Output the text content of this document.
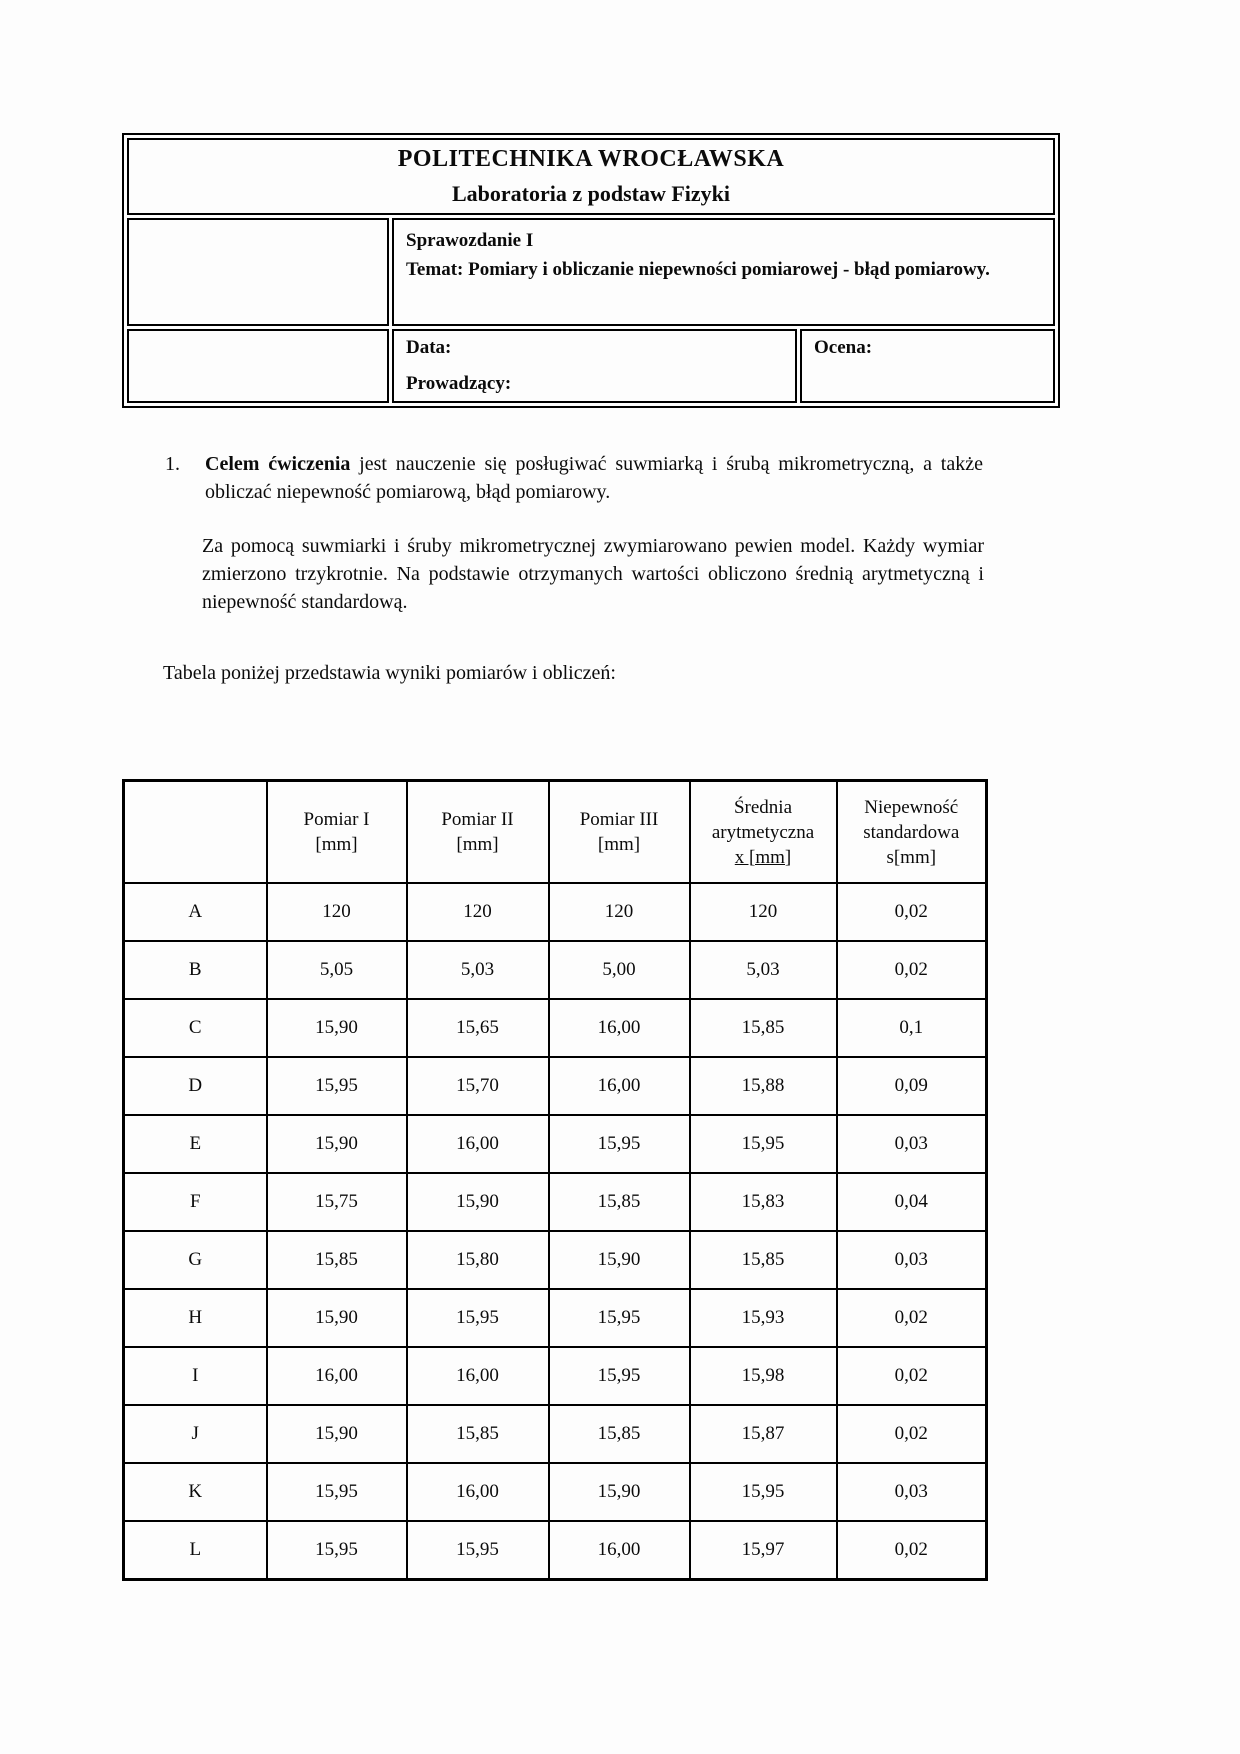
POLITECHNIKA WROCŁAWSKA
Laboratoria z podstaw Fizyki		

	Sprawozdanie I
Temat: Pomiary i obliczanie niepewności pomiarowej - błąd pomiarowy.	

	Data:
Prowadzący:	Ocena:
1.	Celem ćwiczenia jest nauczenie się posługiwać suwmiarką i śrubą mikrometryczną, a także obliczać niepewność pomiarową, błąd pomiarowy.

Za pomocą suwmiarki i śruby mikrometrycznej zwymiarowano pewien model. Każdy wymiar zmierzono trzykrotnie. Na podstawie otrzymanych wartości obliczono średnią arytmetyczną i niepewność standardową.

Tabela poniżej przedstawia wyniki pomiarów i obliczeń:

	Pomiar I
[mm]	Pomiar II
[mm]	Pomiar III
[mm]	Średnia arytmetyczna
x [mm]	Niepewność standardowa
s[mm]

A	120	120	120	120	0,02
B	5,05	5,03	5,00	5,03	0,02
C	15,90	15,65	16,00	15,85	0,1
D	15,95	15,70	16,00	15,88	0,09
E	15,90	16,00	15,95	15,95	0,03
F	15,75	15,90	15,85	15,83	0,04
G	15,85	15,80	15,90	15,85	0,03
H	15,90	15,95	15,95	15,93	0,02
I	16,00	16,00	15,95	15,98	0,02
J	15,90	15,85	15,85	15,87	0,02
K	15,95	16,00	15,90	15,95	0,03
L	15,95	15,95	16,00	15,97	0,02
